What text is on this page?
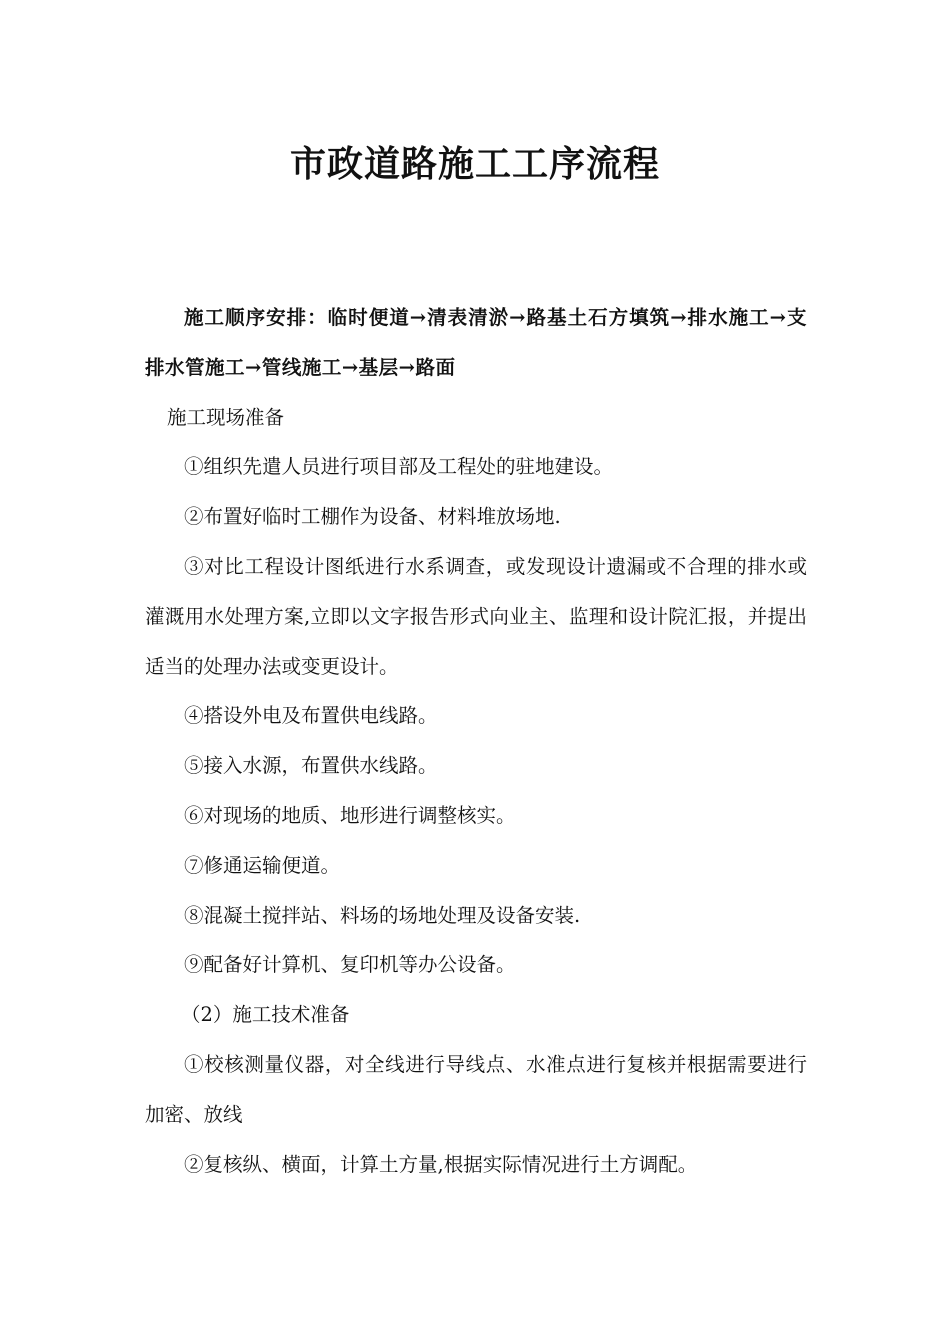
市政道路施工工序流程

施工顺序安排：临时便道→清表清淤→路基土石方填筑→排水施工→支排水管施工→管线施工→基层→路面

施工现场准备

①组织先遣人员进行项目部及工程处的驻地建设。

②布置好临时工棚作为设备、材料堆放场地.

③对比工程设计图纸进行水系调查，或发现设计遗漏或不合理的排水或灌溉用水处理方案,立即以文字报告形式向业主、监理和设计院汇报，并提出适当的处理办法或变更设计。

④搭设外电及布置供电线路。

⑤接入水源，布置供水线路。

⑥对现场的地质、地形进行调整核实。

⑦修通运输便道。

⑧混凝土搅拌站、料场的场地处理及设备安装.

⑨配备好计算机、复印机等办公设备。

（2）施工技术准备

①校核测量仪器，对全线进行导线点、水准点进行复核并根据需要进行加密、放线

②复核纵、横面，计算土方量,根据实际情况进行土方调配。
